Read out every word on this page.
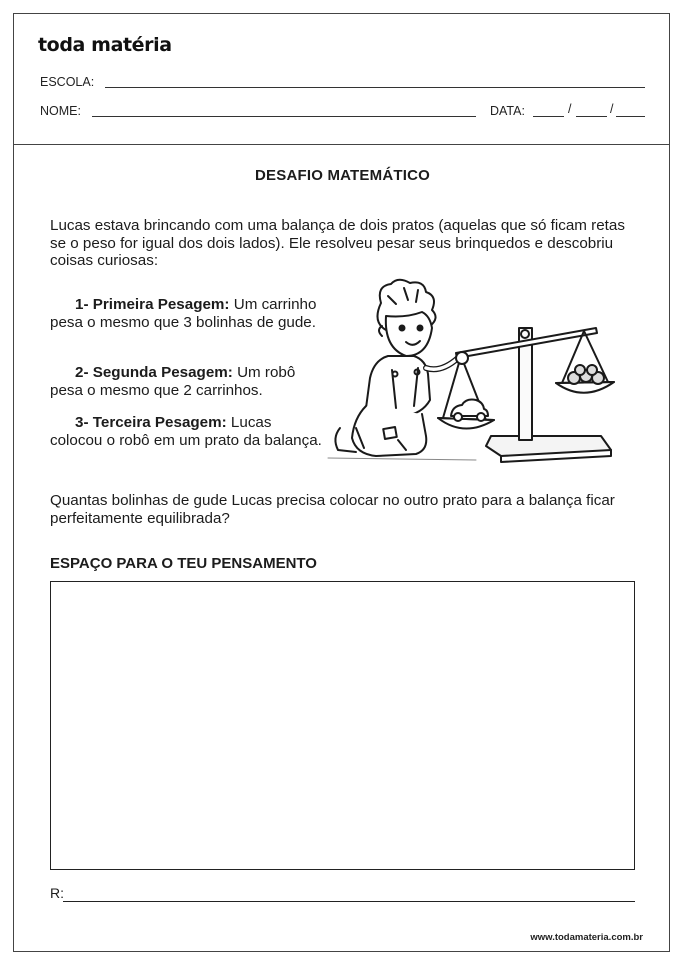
toda matéria
ESCOLA:
NOME:	DATA:	/	/
DESAFIO MATEMÁTICO

Lucas estava brincando com uma balança de dois pratos (aquelas que só ficam retas se o peso for igual dos dois lados). Ele resolveu pesar seus brinquedos e descobriu coisas curiosas:

1- Primeira Pesagem: Um carrinho pesa o mesmo que 3 bolinhas de gude.

2- Segunda Pesagem: Um robô pesa o mesmo que 2 carrinhos.

3- Terceira Pesagem: Lucas colocou o robô em um prato da balança.

Quantas bolinhas de gude Lucas precisa colocar no outro prato para a balança ficar perfeitamente equilibrada?

ESPAÇO PARA O TEU PENSAMENTO
R:
www.todamateria.com.br
